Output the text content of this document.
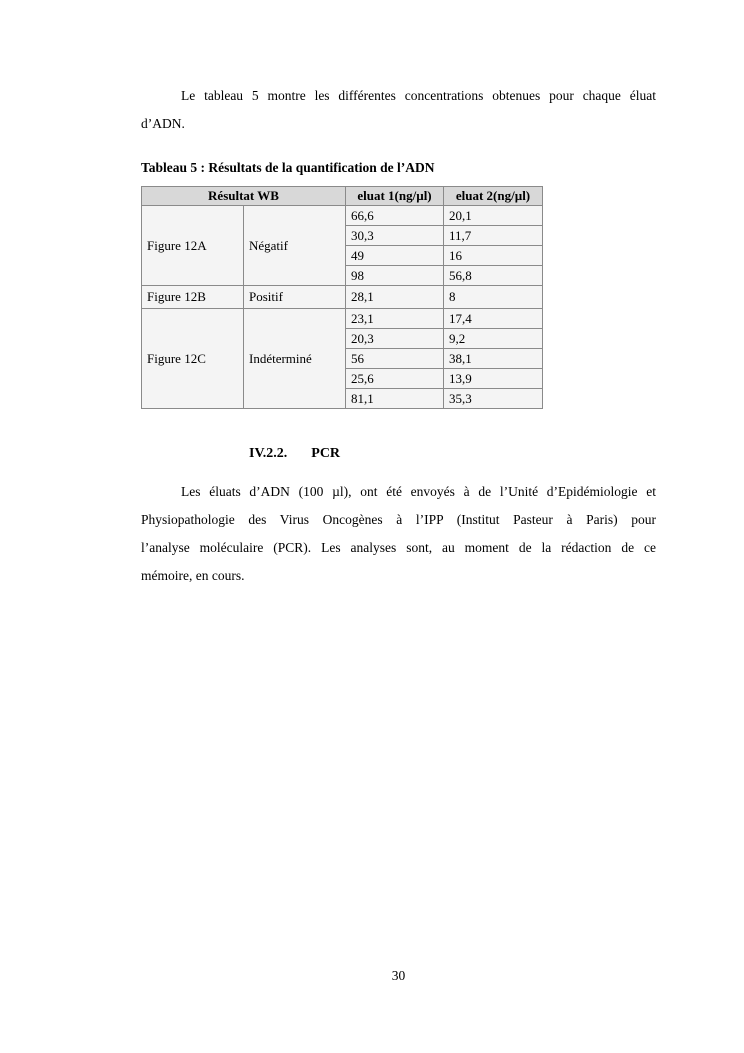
Le tableau 5 montre les différentes concentrations obtenues pour chaque éluat
d’ADN.
Tableau 5 : Résultats de la quantification de l’ADN
Résultat WB		eluat 1(ng/µl)	eluat 2(ng/µl)
Figure 12A	Négatif	66,6	20,1
		30,3	11,7
		49	16
		98	56,8
Figure 12B	Positif	28,1	8
Figure 12C	Indéterminé	23,1	17,4
		20,3	9,2
		56	38,1
		25,6	13,9
		81,1	35,3
IV.2.2. PCR
Les éluats d’ADN (100 µl), ont été envoyés à de l’Unité d’Epidémiologie et
Physiopathologie des Virus Oncogènes à l’IPP (Institut Pasteur à Paris) pour
l’analyse moléculaire (PCR). Les analyses sont, au moment de la rédaction de ce
mémoire, en cours.
30
